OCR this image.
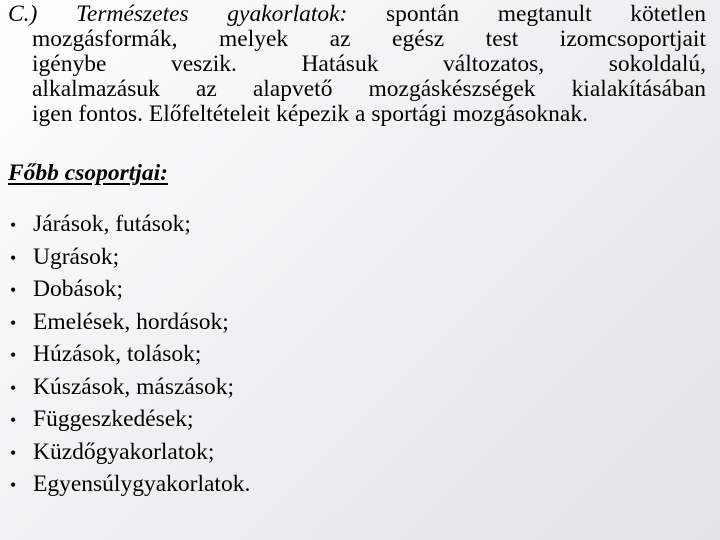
C.) Természetes gyakorlatok: spontán megtanult kötetlen
mozgásformák, melyek az egész test izomcsoportjait
igénybe veszik. Hatásuk változatos, sokoldalú,
alkalmazásuk az alapvető mozgáskészségek kialakításában
igen fontos. Előfeltételeit képezik a sportági mozgásoknak.

Főbb csoportjai:
• Járások, futások;
• Ugrások;
• Dobások;
• Emelések, hordások;
• Húzások, tolások;
• Kúszások, mászások;
• Függeszkedések;
• Küzdőgyakorlatok;
• Egyensúlygyakorlatok.
